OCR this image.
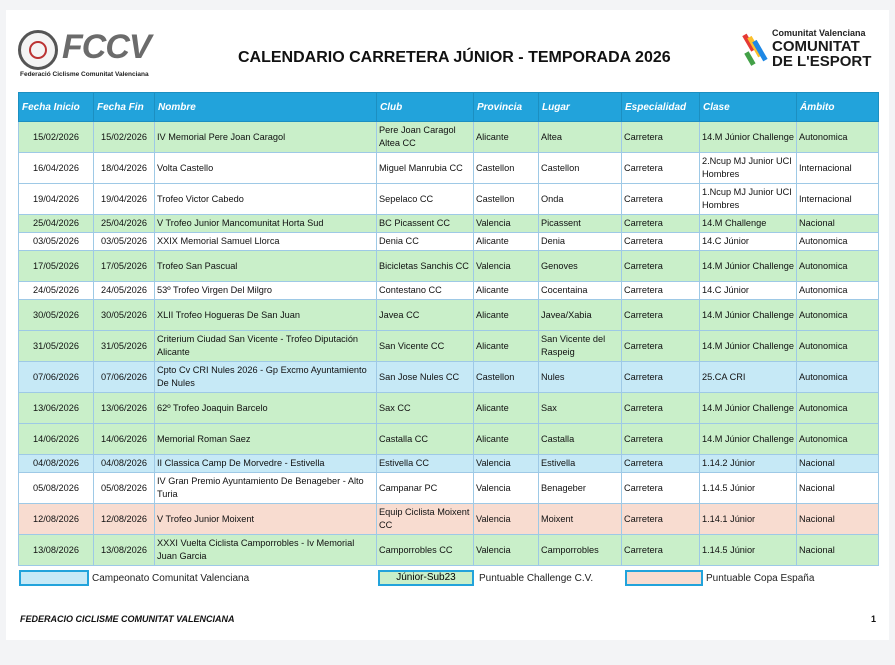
FCCV
Federació Ciclisme Comunitat Valenciana
CALENDARIO CARRETERA JÚNIOR - TEMPORADA 2026
Comunitat Valenciana
COMUNITAT
DE L'ESPORT
Fecha Inicio	Fecha Fin	Nombre	Club	Provincia	Lugar	Especialidad	Clase	Ámbito
15/02/2026	15/02/2026	IV Memorial Pere Joan Caragol	Pere Joan Caragol Altea CC	Alicante	Altea	Carretera	14.M Júnior Challenge	Autonomica
16/04/2026	18/04/2026	Volta Castello	Miguel Manrubia CC	Castellon	Castellon	Carretera	2.Ncup MJ Junior UCI Hombres	Internacional
19/04/2026	19/04/2026	Trofeo Victor Cabedo	Sepelaco CC	Castellon	Onda	Carretera	1.Ncup MJ Junior UCI Hombres	Internacional
25/04/2026	25/04/2026	V Trofeo Junior Mancomunitat Horta Sud	BC Picassent CC	Valencia	Picassent	Carretera	14.M Challenge	Nacional
03/05/2026	03/05/2026	XXIX Memorial Samuel Llorca	Denia CC	Alicante	Denia	Carretera	14.C Júnior	Autonomica
17/05/2026	17/05/2026	Trofeo San Pascual	Bicicletas Sanchis CC	Valencia	Genoves	Carretera	14.M Júnior Challenge	Autonomica
24/05/2026	24/05/2026	53º Trofeo Virgen Del Milgro	Contestano CC	Alicante	Cocentaina	Carretera	14.C Júnior	Autonomica
30/05/2026	30/05/2026	XLII Trofeo Hogueras De San Juan	Javea CC	Alicante	Javea/Xabia	Carretera	14.M Júnior Challenge	Autonomica
31/05/2026	31/05/2026	Criterium Ciudad San Vicente - Trofeo Diputación Alicante	San Vicente CC	Alicante	San Vicente del Raspeig	Carretera	14.M Júnior Challenge	Autonomica
07/06/2026	07/06/2026	Cpto Cv CRI Nules 2026 - Gp Excmo Ayuntamiento De Nules	San Jose Nules CC	Castellon	Nules	Carretera	25.CA CRI	Autonomica
13/06/2026	13/06/2026	62º Trofeo Joaquin Barcelo	Sax CC	Alicante	Sax	Carretera	14.M Júnior Challenge	Autonomica
14/06/2026	14/06/2026	Memorial Roman Saez	Castalla CC	Alicante	Castalla	Carretera	14.M Júnior Challenge	Autonomica
04/08/2026	04/08/2026	II Classica Camp De Morvedre - Estivella	Estivella CC	Valencia	Estivella	Carretera	1.14.2 Júnior	Nacional
05/08/2026	05/08/2026	IV Gran Premio Ayuntamiento De Benageber - Alto Turia	Campanar PC	Valencia	Benageber	Carretera	1.14.5 Júnior	Nacional
12/08/2026	12/08/2026	V Trofeo Junior Moixent	Equip Ciclista Moixent CC	Valencia	Moixent	Carretera	1.14.1 Júnior	Nacional
13/08/2026	13/08/2026	XXXI Vuelta Ciclista Camporrobles - Iv Memorial Juan Garcia	Camporrobles CC	Valencia	Camporrobles	Carretera	1.14.5 Júnior	Nacional
Campeonato Comunitat Valenciana	Júnior-Sub23	Puntuable Challenge C.V.	Puntuable Copa España
FEDERACIO CICLISME COMUNITAT VALENCIANA	1
